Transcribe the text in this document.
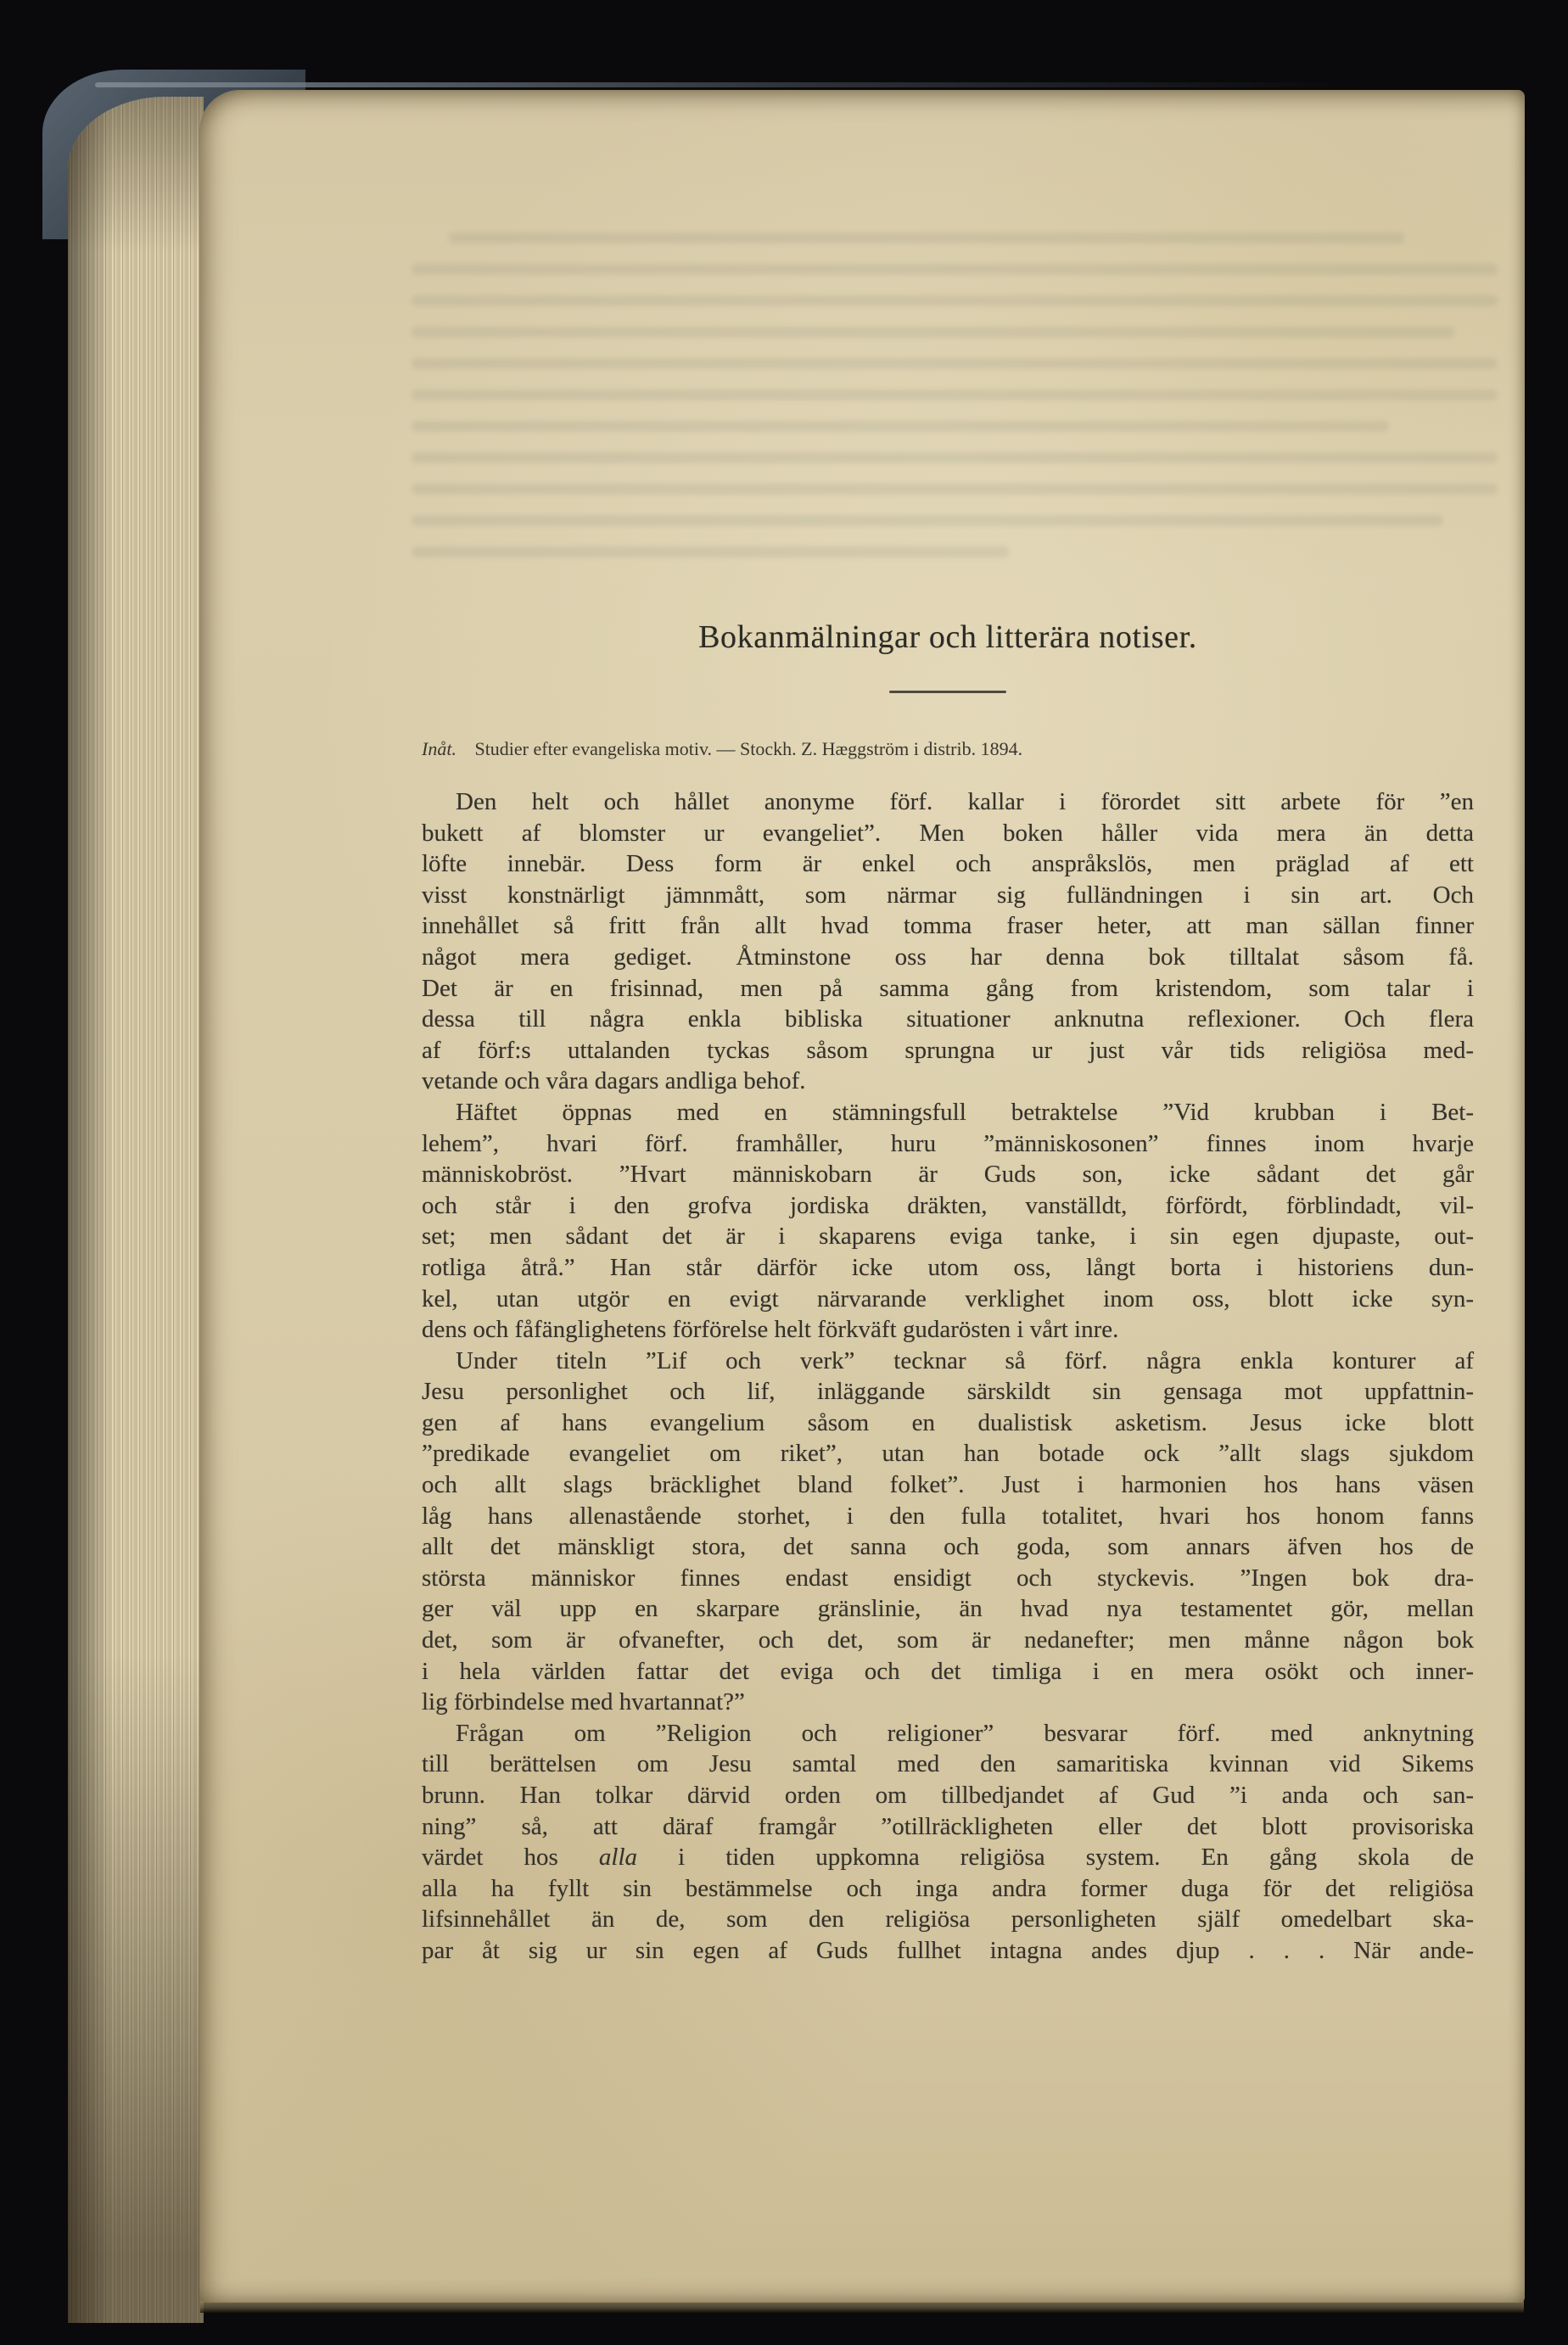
Bokanmälningar och litterära notiser.

Inåt. Studier efter evangeliska motiv. — Stockh. Z. Hæggström i distrib. 1894.

Den helt och hållet anonyme förf. kallar i förordet sitt arbete för ”en
bukett af blomster ur evangeliet”. Men boken håller vida mera än detta
löfte innebär. Dess form är enkel och anspråkslös, men präglad af ett
visst konstnärligt jämnmått, som närmar sig fulländningen i sin art. Och
innehållet så fritt från allt hvad tomma fraser heter, att man sällan finner
något mera gediget. Åtminstone oss har denna bok tilltalat såsom få.
Det är en frisinnad, men på samma gång from kristendom, som talar i
dessa till några enkla bibliska situationer anknutna reflexioner. Och flera
af förf:s uttalanden tyckas såsom sprungna ur just vår tids religiösa med-
vetande och våra dagars andliga behof.
Häftet öppnas med en stämningsfull betraktelse ”Vid krubban i Bet-
lehem”, hvari förf. framhåller, huru ”människosonen” finnes inom hvarje
människobröst. ”Hvart människobarn är Guds son, icke sådant det går
och står i den grofva jordiska dräkten, vanställdt, förfördt, förblindadt, vil-
set; men sådant det är i skaparens eviga tanke, i sin egen djupaste, out-
rotliga åtrå.” Han står därför icke utom oss, långt borta i historiens dun-
kel, utan utgör en evigt närvarande verklighet inom oss, blott icke syn-
dens och fåfänglighetens förförelse helt förkväft gudarösten i vårt inre.
Under titeln ”Lif och verk” tecknar så förf. några enkla konturer af
Jesu personlighet och lif, inläggande särskildt sin gensaga mot uppfattnin-
gen af hans evangelium såsom en dualistisk asketism. Jesus icke blott
”predikade evangeliet om riket”, utan han botade ock ”allt slags sjukdom
och allt slags bräcklighet bland folket”. Just i harmonien hos hans väsen
låg hans allenastående storhet, i den fulla totalitet, hvari hos honom fanns
allt det mänskligt stora, det sanna och goda, som annars äfven hos de
största människor finnes endast ensidigt och styckevis. ”Ingen bok dra-
ger väl upp en skarpare gränslinie, än hvad nya testamentet gör, mellan
det, som är ofvanefter, och det, som är nedanefter; men månne någon bok
i hela världen fattar det eviga och det timliga i en mera osökt och inner-
lig förbindelse med hvartannat?”
Frågan om ”Religion och religioner” besvarar förf. med anknytning
till berättelsen om Jesu samtal med den samaritiska kvinnan vid Sikems
brunn. Han tolkar därvid orden om tillbedjandet af Gud ”i anda och san-
ning” så, att däraf framgår ”otillräckligheten eller det blott provisoriska
värdet hos alla i tiden uppkomna religiösa system. En gång skola de
alla ha fyllt sin bestämmelse och inga andra former duga för det religiösa
lifsinnehållet än de, som den religiösa personligheten själf omedelbart ska-
par åt sig ur sin egen af Guds fullhet intagna andes djup . . . När ande-
